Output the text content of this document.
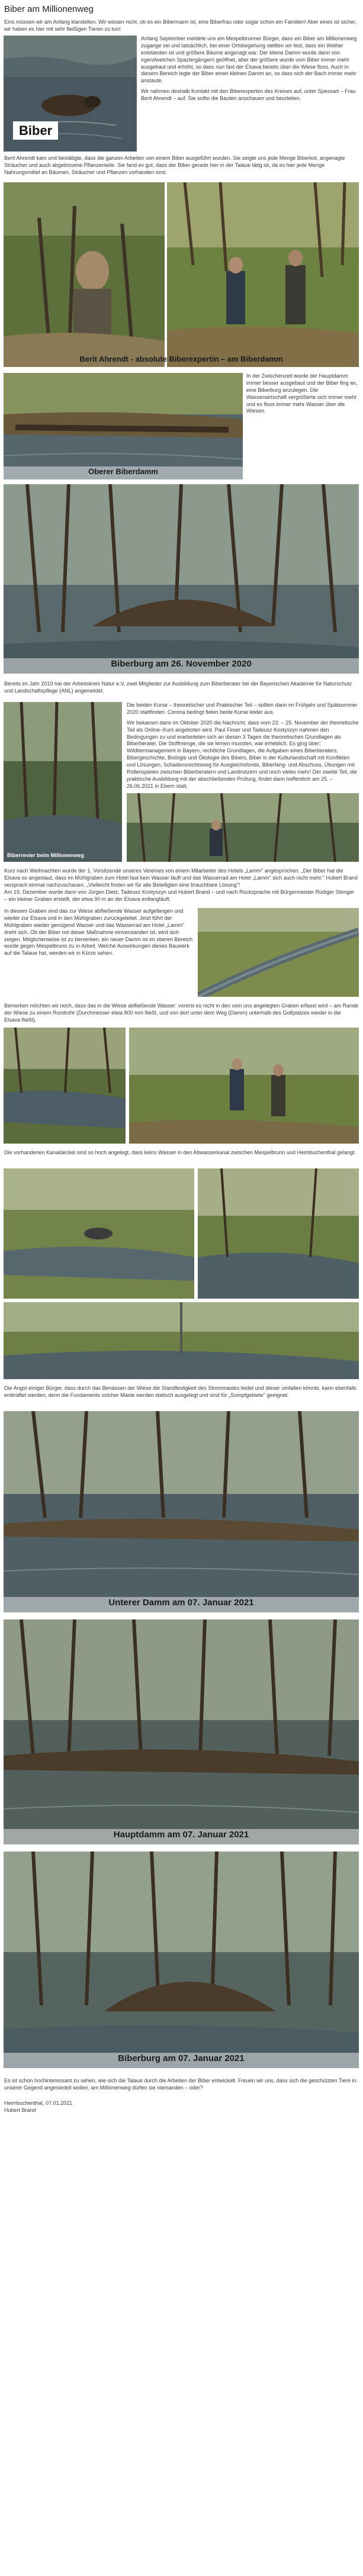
Biber am Millionenweg

Eins müssen wir am Anfang klarstellen. Wir wissen nicht, ob es ein Bibermann ist, eine Biberfrau oder sogar schon ein Familien! Aber eines ist sicher, wir haben es hier mit sehr fleißigen Tieren zu tun!

Biber

Anfang September meldete uns ein Mespelbrunner Bürger, dass ein Biber am Millionenweg zugange sei und tatsächlich, bei einer Ortsbegehung stellten wir fest, dass ein Weiher entstanden ist und größere Bäume angenagt war. Der kleine Damm wurde dann von irgendwelchen Spaziergängern geöffnet, aber der größere wurde vom Biber immer mehr ausgebaut und erhöht, so dass nun fast der Elsava bereits über die Wiese floss. Auch in diesem Bereich legte der Biber einen kleinen Damm an, so dass sich der Bach immer mehr anstaute.

Wir nahmen deshalb Kontakt mit den Biberexperten des Kreises auf, unter Spessart – Frau Berit Ahrendt – auf. Sie sollte die Bauten anschauen und beurteilen.

Berit Ahrendt kam und bestätigte, dass die ganzen Arbeiten von einem Biber ausgeführt wurden. Sie zeigte uns jede Menge Biberkot, angenagte Sträucher und auch abgebissene Pflanzenteile. Sie fand es gut, dass der Biber gerade hier in der Talaue tätig ist, da es hier jede Menge Nahrungsmittel an Bäumen, Sträucher und Pflanzen vorhanden sind.

Berit Ahrendt - absolute Biberexpertin – am Biberdamm
Oberer Biberdamm

In der Zwischenzeit wurde der Hauptdamm immer besser ausgebaut und der Biber fing an, eine Biberburg anzulegen. Die Wasserwirtschaft vergrößerte sich immer mehr und es floss immer mehr Wasser über die Wiesen.

Biberburg am 26. November 2020

Bereits im Jahr 2019 hat der Arbeitskreis Natur e.V. zwei Mitglieder zur Ausbildung zum Biberberater bei der Bayerischen Akademie für Naturschutz und Landschaftspflege (ANL) angemeldet.

Biberrevier beim Millionenweg

Die beiden Kurse – theoretischer und Praktischer Teil – sollten dann im Frühjahr und Spätsommer 2020 stattfinden. Corona bedingt fielen beide Kurse leider aus.

Wir bekamen dann im Oktober 2020 die Nachricht, dass vom 23. – 25. November der theoretische Teil als Online–Kurs angeboten wird. Paul Feser und Tadeusz Kostyszyn nahmen den Bedingungen zu und erarbeiteten sich an diesen 3 Tagen die theoretischen Grundlagen als Biberberater. Die Stoffmenge, die sie lernen mussten, war erheblich. Es ging über: Wildtiermanagement in Bayern, rechtliche Grundlagen, die Aufgaben eines Biberberaters, Bibergeschichte, Biologie und Ökologie des Bibers, Biber in der Kulturlandschaft mit Konflikten und Lösungen, Schadensrechtsweg für Ausgleichsfonds, Biberfang- und Abschuss, Übungen mit Rollenspielen zwischen Biberberatern und Landnutzern und noch vieles mehr! Der zweite Teil, die praktische Ausbildung mit der abschließenden Prüfung, findet dann hoffentlich am 25. – 26.06.2021 in Ebern statt.

Kurz nach Weihnachten wurde der 1. Vorsitzende unseres Vereines von einem Mitarbeiter des Hotels „Lamm" angesprochen. „Der Biber hat die Elsava so angestaut, dass im Mühlgraben zum Hotel fast kein Wasser läuft und das Wasserrad am Hotel „Lamm" sich auch nicht mehr." Hubert Brand versprach einmal nachzuschauen. „Vielleicht finden wir für alle Beteiligten eine brauchbare Lösung"!

Am 19. Dezember wurde dann von Jürgen Dietz, Tadeusz Kostyszyn und Hubert Brand – und nach Rücksprache mit Bürgermeister Rüdiger Stenger – ein kleiner Graben erstellt, der etwa 90 m an der Elsava entlangläuft.

In diesem Graben sind das zur Wiese abfließende Wasser aufgefangen und wieder zur Elsava und in den Mühlgraben zurückgeleitet. Jetzt führt der Mühlgraben wieder genügend Wasser und das Wasserrad am Hotel „Lamm" dreht sich. Ob der Biber mit dieser Maßnahme einverstanden ist, wird sich zeigen. Möglicherweise ist zu bemerken, ein neuer Damm ist im oberen Bereich wurde gegen Mespelbrunn zu in Arbeit. Welche Auswirkungen dieses Bauwerk auf die Talaue hat, werden wir in Kürze sehen.

Bemerken möchten wir noch, dass das in die Wiese abfließende Wasser: vorerst es nicht in den vom uns angelegten Graben erfasst wird – am Rande der Wiese zu einem Rundrohr (Durchmesser etwa 800 mm fließt, und von dort unter dem Weg (Damm) unterhalb des Golfplatzes wieder in die Elsava fließt).

Die vorhandenen Kanaldeckel sind so hoch angelegt, dass keins Wasser in den Abwasserkanal zwischen Mespelbrunn und Heimbuchenthal gelangt.

Die Angst einiger Bürger, dass durch das Benässen der Wiese die Standfestigkeit des Strommastes leidet und dieser umfallen könnte, kann ebenfalls entkräftet werden, denn die Fundamente solcher Maste werden statisch ausgelegt und sind für „Sumpfgebiete" geeignet.

Unterer Damm am 07. Januar 2021
Hauptdamm am 07. Januar 2021
Biberburg am 07. Januar 2021

Es ist schon hochinteressant zu sehen, wie sich die Talaue durch die Arbeiten der Biber entwickelt. Freuen wir uns, dass sich die geschützten Tiere in unserer Gegend angesiedelt wollen, am Millionenweg dürfen sie niemanden – oder?

Heimbuchenthal, 07.01.2021

Hubert Brand
